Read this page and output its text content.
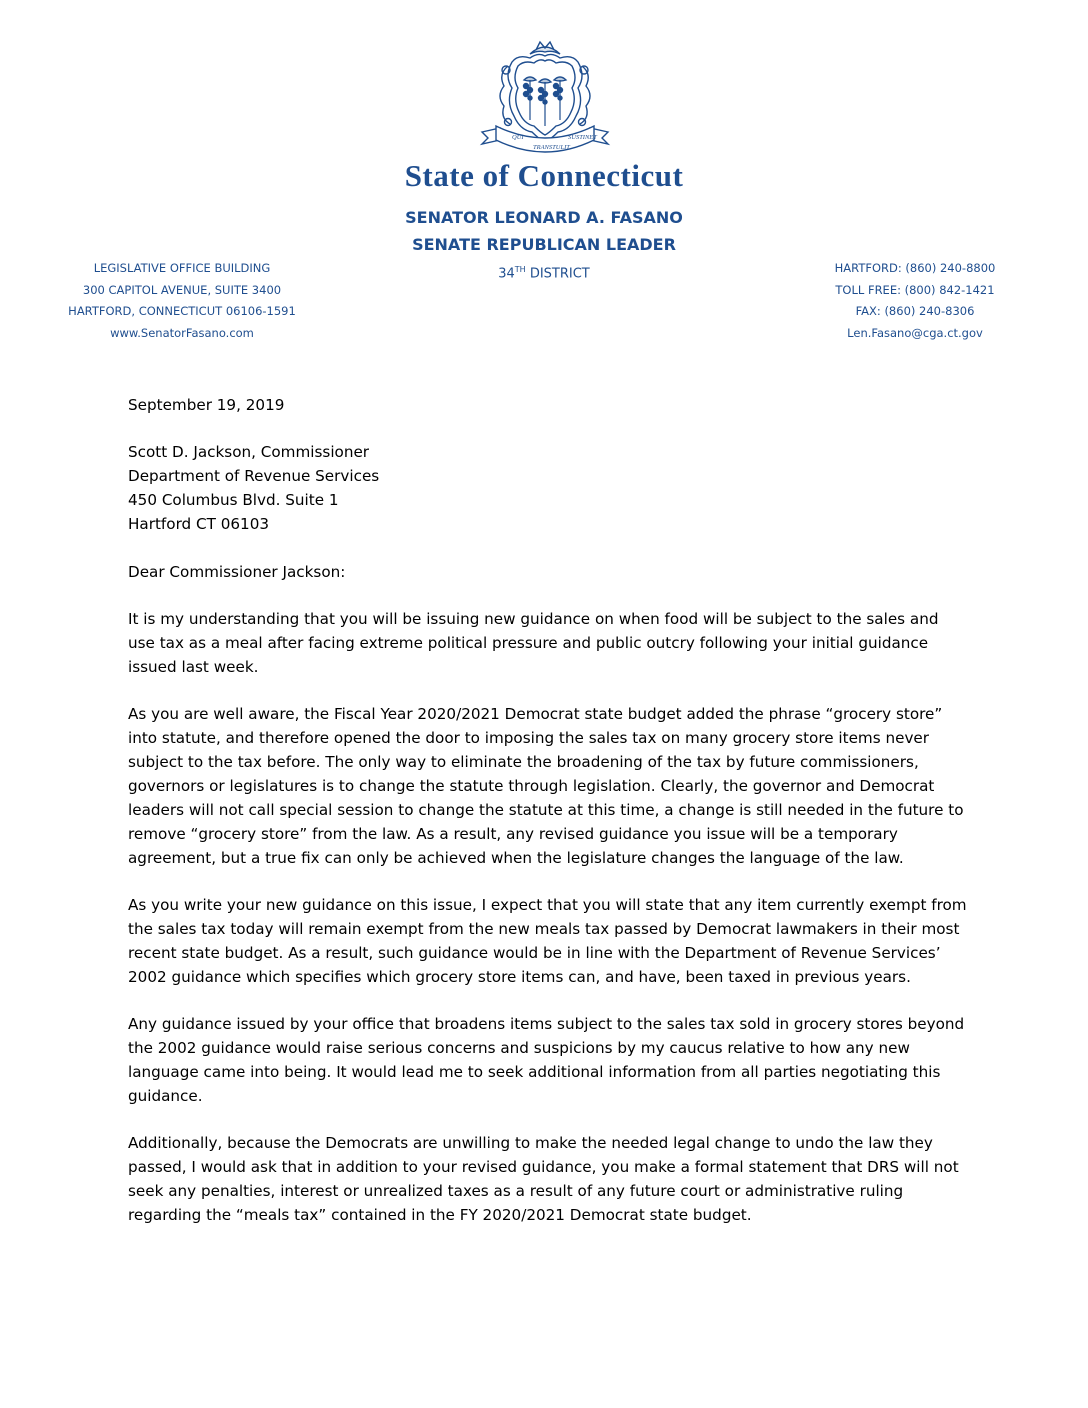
QUI
TRANSTULIT
SUSTINET
State of Connecticut
SENATOR LEONARD A. FASANO
SENATE REPUBLICAN LEADER
34TH DISTRICT
LEGISLATIVE OFFICE BUILDING
300 CAPITOL AVENUE, SUITE 3400
HARTFORD, CONNECTICUT 06106-1591
www.SenatorFasano.com
HARTFORD: (860) 240-8800
TOLL FREE: (800) 842-1421
FAX: (860) 240-8306
Len.Fasano@cga.ct.gov
September 19, 2019
Scott D. Jackson, Commissioner
Department of Revenue Services
450 Columbus Blvd. Suite 1
Hartford CT 06103

Dear Commissioner Jackson:

It is my understanding that you will be issuing new guidance on when food will be subject to the sales and use tax as a meal after facing extreme political pressure and public outcry following your initial guidance issued last week.

As you are well aware, the Fiscal Year 2020/2021 Democrat state budget added the phrase “grocery store” into statute, and therefore opened the door to imposing the sales tax on many grocery store items never subject to the tax before. The only way to eliminate the broadening of the tax by future commissioners, governors or legislatures is to change the statute through legislation. Clearly, the governor and Democrat leaders will not call special session to change the statute at this time, a change is still needed in the future to remove “grocery store” from the law. As a result, any revised guidance you issue will be a temporary agreement, but a true fix can only be achieved when the legislature changes the language of the law.

As you write your new guidance on this issue, I expect that you will state that any item currently exempt from the sales tax today will remain exempt from the new meals tax passed by Democrat lawmakers in their most recent state budget. As a result, such guidance would be in line with the Department of Revenue Services’ 2002 guidance which specifies which grocery store items can, and have, been taxed in previous years.

Any guidance issued by your office that broadens items subject to the sales tax sold in grocery stores beyond the 2002 guidance would raise serious concerns and suspicions by my caucus relative to how any new language came into being. It would lead me to seek additional information from all parties negotiating this guidance.

Additionally, because the Democrats are unwilling to make the needed legal change to undo the law they passed, I would ask that in addition to your revised guidance, you make a formal statement that DRS will not seek any penalties, interest or unrealized taxes as a result of any future court or administrative ruling regarding the “meals tax” contained in the FY 2020/2021 Democrat state budget.
